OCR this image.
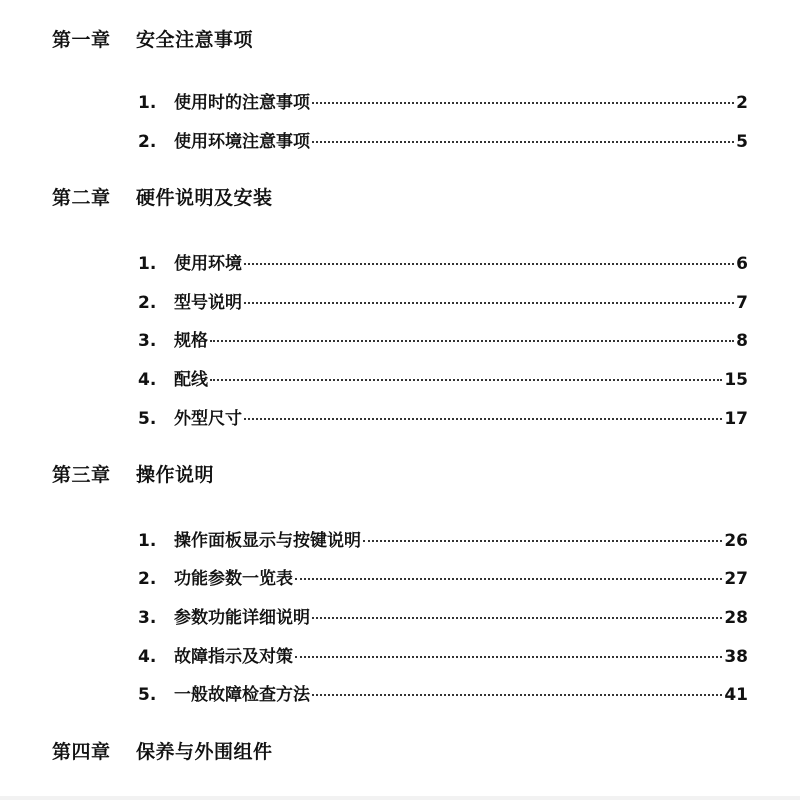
第一章 安全注意事项
1.	使用时的注意事项	2
2.	使用环境注意事项	5
第二章 硬件说明及安装
1.	使用环境	6
2.	型号说明	7
3.	规格	8
4.	配线	15
5.	外型尺寸	17
第三章 操作说明
1.	操作面板显示与按键说明	26
2.	功能参数一览表	27
3.	参数功能详细说明	28
4.	故障指示及对策	38
5.	一般故障检查方法	41
第四章 保养与外围组件
